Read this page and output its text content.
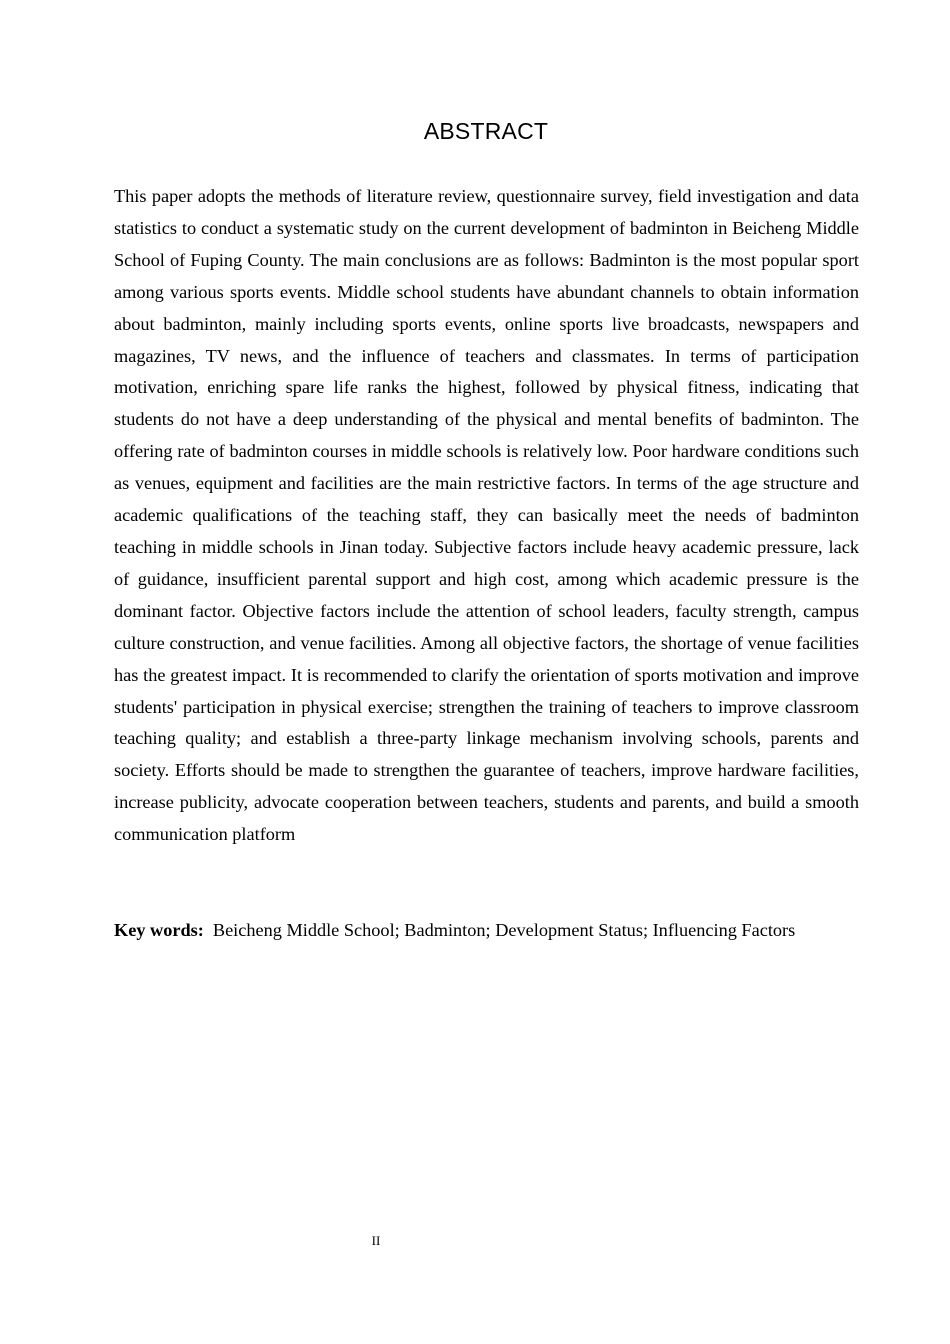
ABSTRACT

This paper adopts the methods of literature review, questionnaire survey, field investigation and data statistics to conduct a systematic study on the current development of badminton in Beicheng Middle School of Fuping County. The main conclusions are as follows: Badminton is the most popular sport among various sports events. Middle school students have abundant channels to obtain information about badminton, mainly including sports events, online sports live broadcasts, newspapers and magazines, TV news, and the influence of teachers and classmates. In terms of participation motivation, enriching spare life ranks the highest, followed by physical fitness, indicating that students do not have a deep understanding of the physical and mental benefits of badminton. The offering rate of badminton courses in middle schools is relatively low. Poor hardware conditions such as venues, equipment and facilities are the main restrictive factors. In terms of the age structure and academic qualifications of the teaching staff, they can basically meet the needs of badminton teaching in middle schools in Jinan today. Subjective factors include heavy academic pressure, lack of guidance, insufficient parental support and high cost, among which academic pressure is the dominant factor. Objective factors include the attention of school leaders, faculty strength, campus culture construction, and venue facilities. Among all objective factors, the shortage of venue facilities has the greatest impact. It is recommended to clarify the orientation of sports motivation and improve students' participation in physical exercise; strengthen the training of teachers to improve classroom teaching quality; and establish a three-party linkage mechanism involving schools, parents and society. Efforts should be made to strengthen the guarantee of teachers, improve hardware facilities, increase publicity, advocate cooperation between teachers, students and parents, and build a smooth communication platform

Key words: Beicheng Middle School; Badminton; Development Status; Influencing Factors

II
